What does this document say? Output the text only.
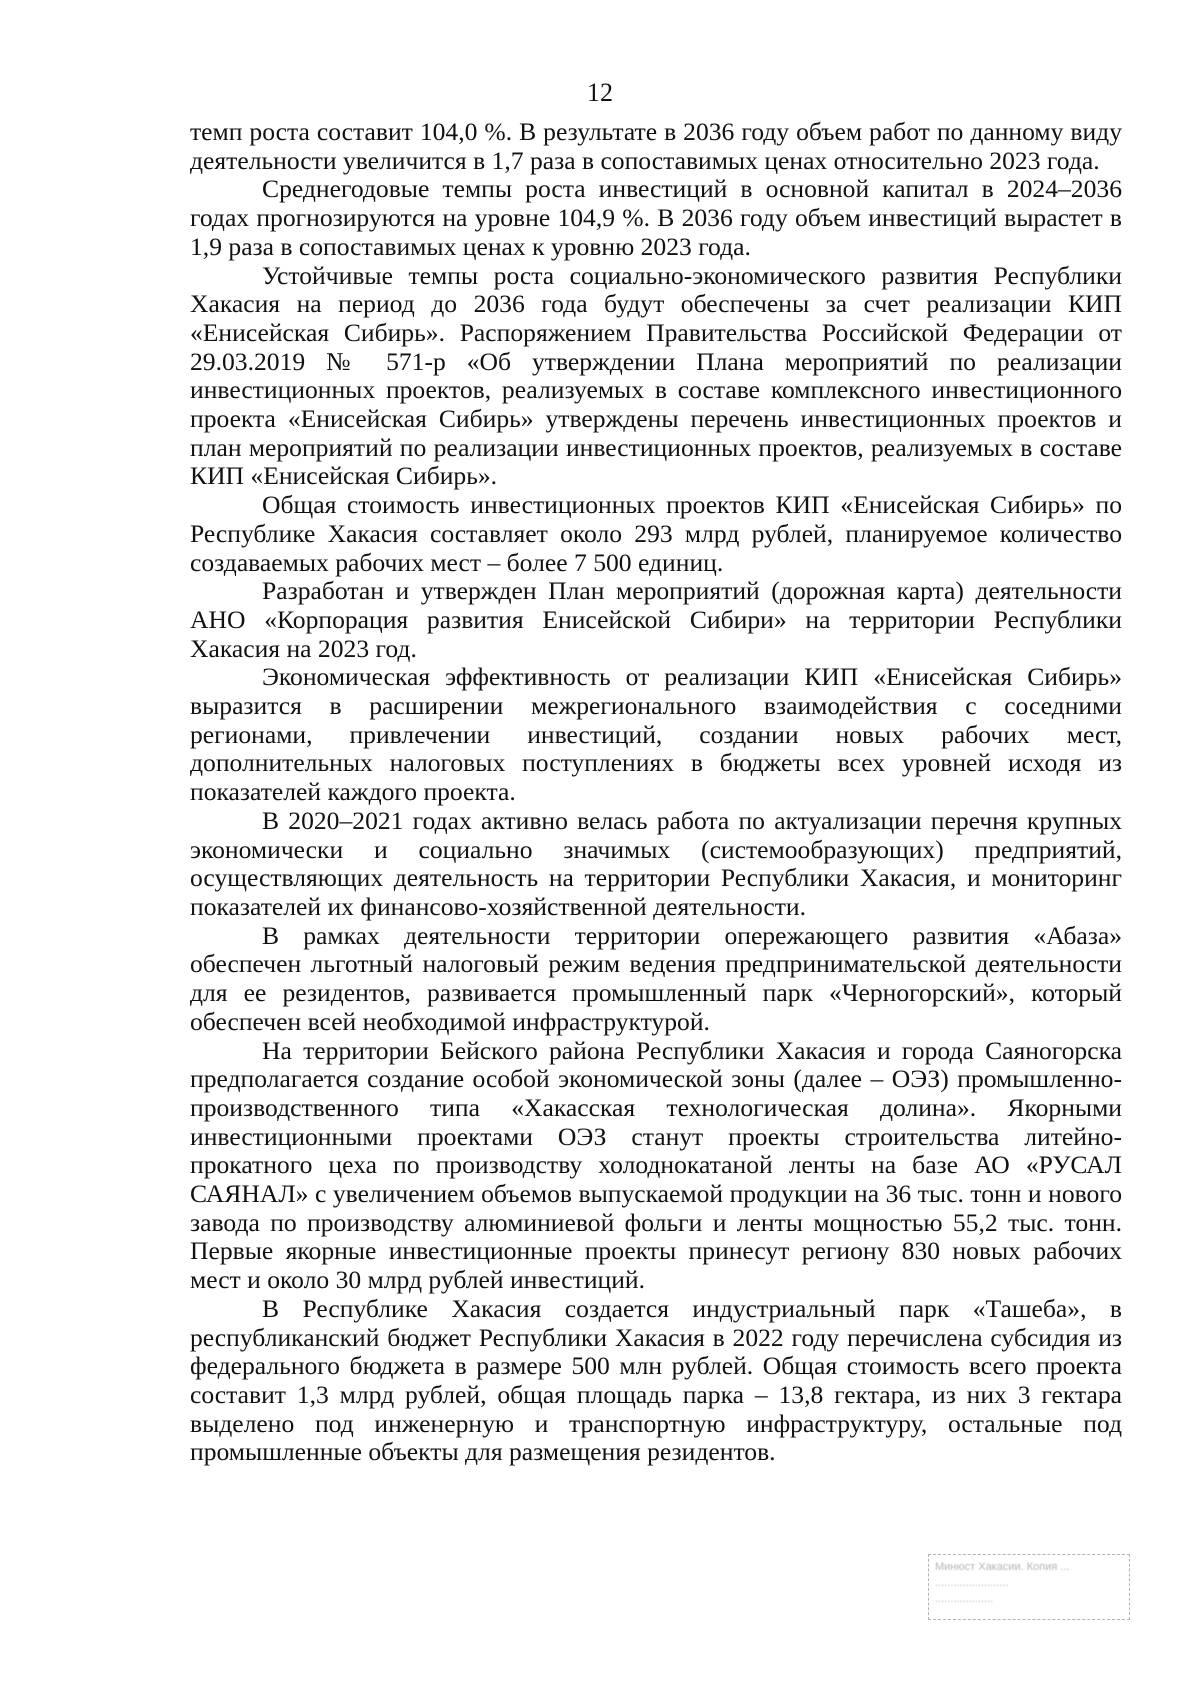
12

темп роста составит 104,0 %. В результате в 2036 году объем работ по данному виду деятельности увеличится в 1,7 раза в сопоставимых ценах относительно 2023 года.

Среднегодовые темпы роста инвестиций в основной капитал в 2024–2036 годах прогнозируются на уровне 104,9 %. В 2036 году объем инвестиций вырастет в 1,9 раза в сопоставимых ценах к уровню 2023 года.

Устойчивые темпы роста социально-экономического развития Республики Хакасия на период до 2036 года будут обеспечены за счет реализации КИП «Енисейская Сибирь». Распоряжением Правительства Российской Федерации от 29.03.2019 № 571-р «Об утверждении Плана мероприятий по реализации инвестиционных проектов, реализуемых в составе комплексного инвестиционного проекта «Енисейская Сибирь» утверждены перечень инвестиционных проектов и план мероприятий по реализации инвестиционных проектов, реализуемых в составе КИП «Енисейская Сибирь».

Общая стоимость инвестиционных проектов КИП «Енисейская Сибирь» по Республике Хакасия составляет около 293 млрд рублей, планируемое количество создаваемых рабочих мест – более 7 500 единиц.

Разработан и утвержден План мероприятий (дорожная карта) деятельности АНО «Корпорация развития Енисейской Сибири» на территории Республики Хакасия на 2023 год.

Экономическая эффективность от реализации КИП «Енисейская Сибирь» выразится в расширении межрегионального взаимодействия с соседними регионами, привлечении инвестиций, создании новых рабочих мест, дополнительных налоговых поступлениях в бюджеты всех уровней исходя из показателей каждого проекта.

В 2020–2021 годах активно велась работа по актуализации перечня крупных экономически и социально значимых (системообразующих) предприятий, осуществляющих деятельность на территории Республики Хакасия, и мониторинг показателей их финансово-хозяйственной деятельности.

В рамках деятельности территории опережающего развития «Абаза» обеспечен льготный налоговый режим ведения предпринимательской деятельности для ее резидентов, развивается промышленный парк «Черногорский», который обеспечен всей необходимой инфраструктурой.

На территории Бейского района Республики Хакасия и города Саяногорска предполагается создание особой экономической зоны (далее – ОЭЗ) промышленно-производственного типа «Хакасская технологическая долина». Якорными инвестиционными проектами ОЭЗ станут проекты строительства литейно-прокатного цеха по производству холоднокатаной ленты на базе АО «РУСАЛ САЯНАЛ» с увеличением объемов выпускаемой продукции на 36 тыс. тонн и нового завода по производству алюминиевой фольги и ленты мощностью 55,2 тыс. тонн. Первые якорные инвестиционные проекты принесут региону 830 новых рабочих мест и около 30 млрд рублей инвестиций.

В Республике Хакасия создается индустриальный парк «Ташеба», в республиканский бюджет Республики Хакасия в 2022 году перечислена субсидия из федерального бюджета в размере 500 млн рублей. Общая стоимость всего проекта составит 1,3 млрд рублей, общая площадь парка – 13,8 гектара, из них 3 гектара выделено под инженерную и транспортную инфраструктуру, остальные под промышленные объекты для размещения резидентов.

Минюст Хакасии. Копия ...
........................
...................
